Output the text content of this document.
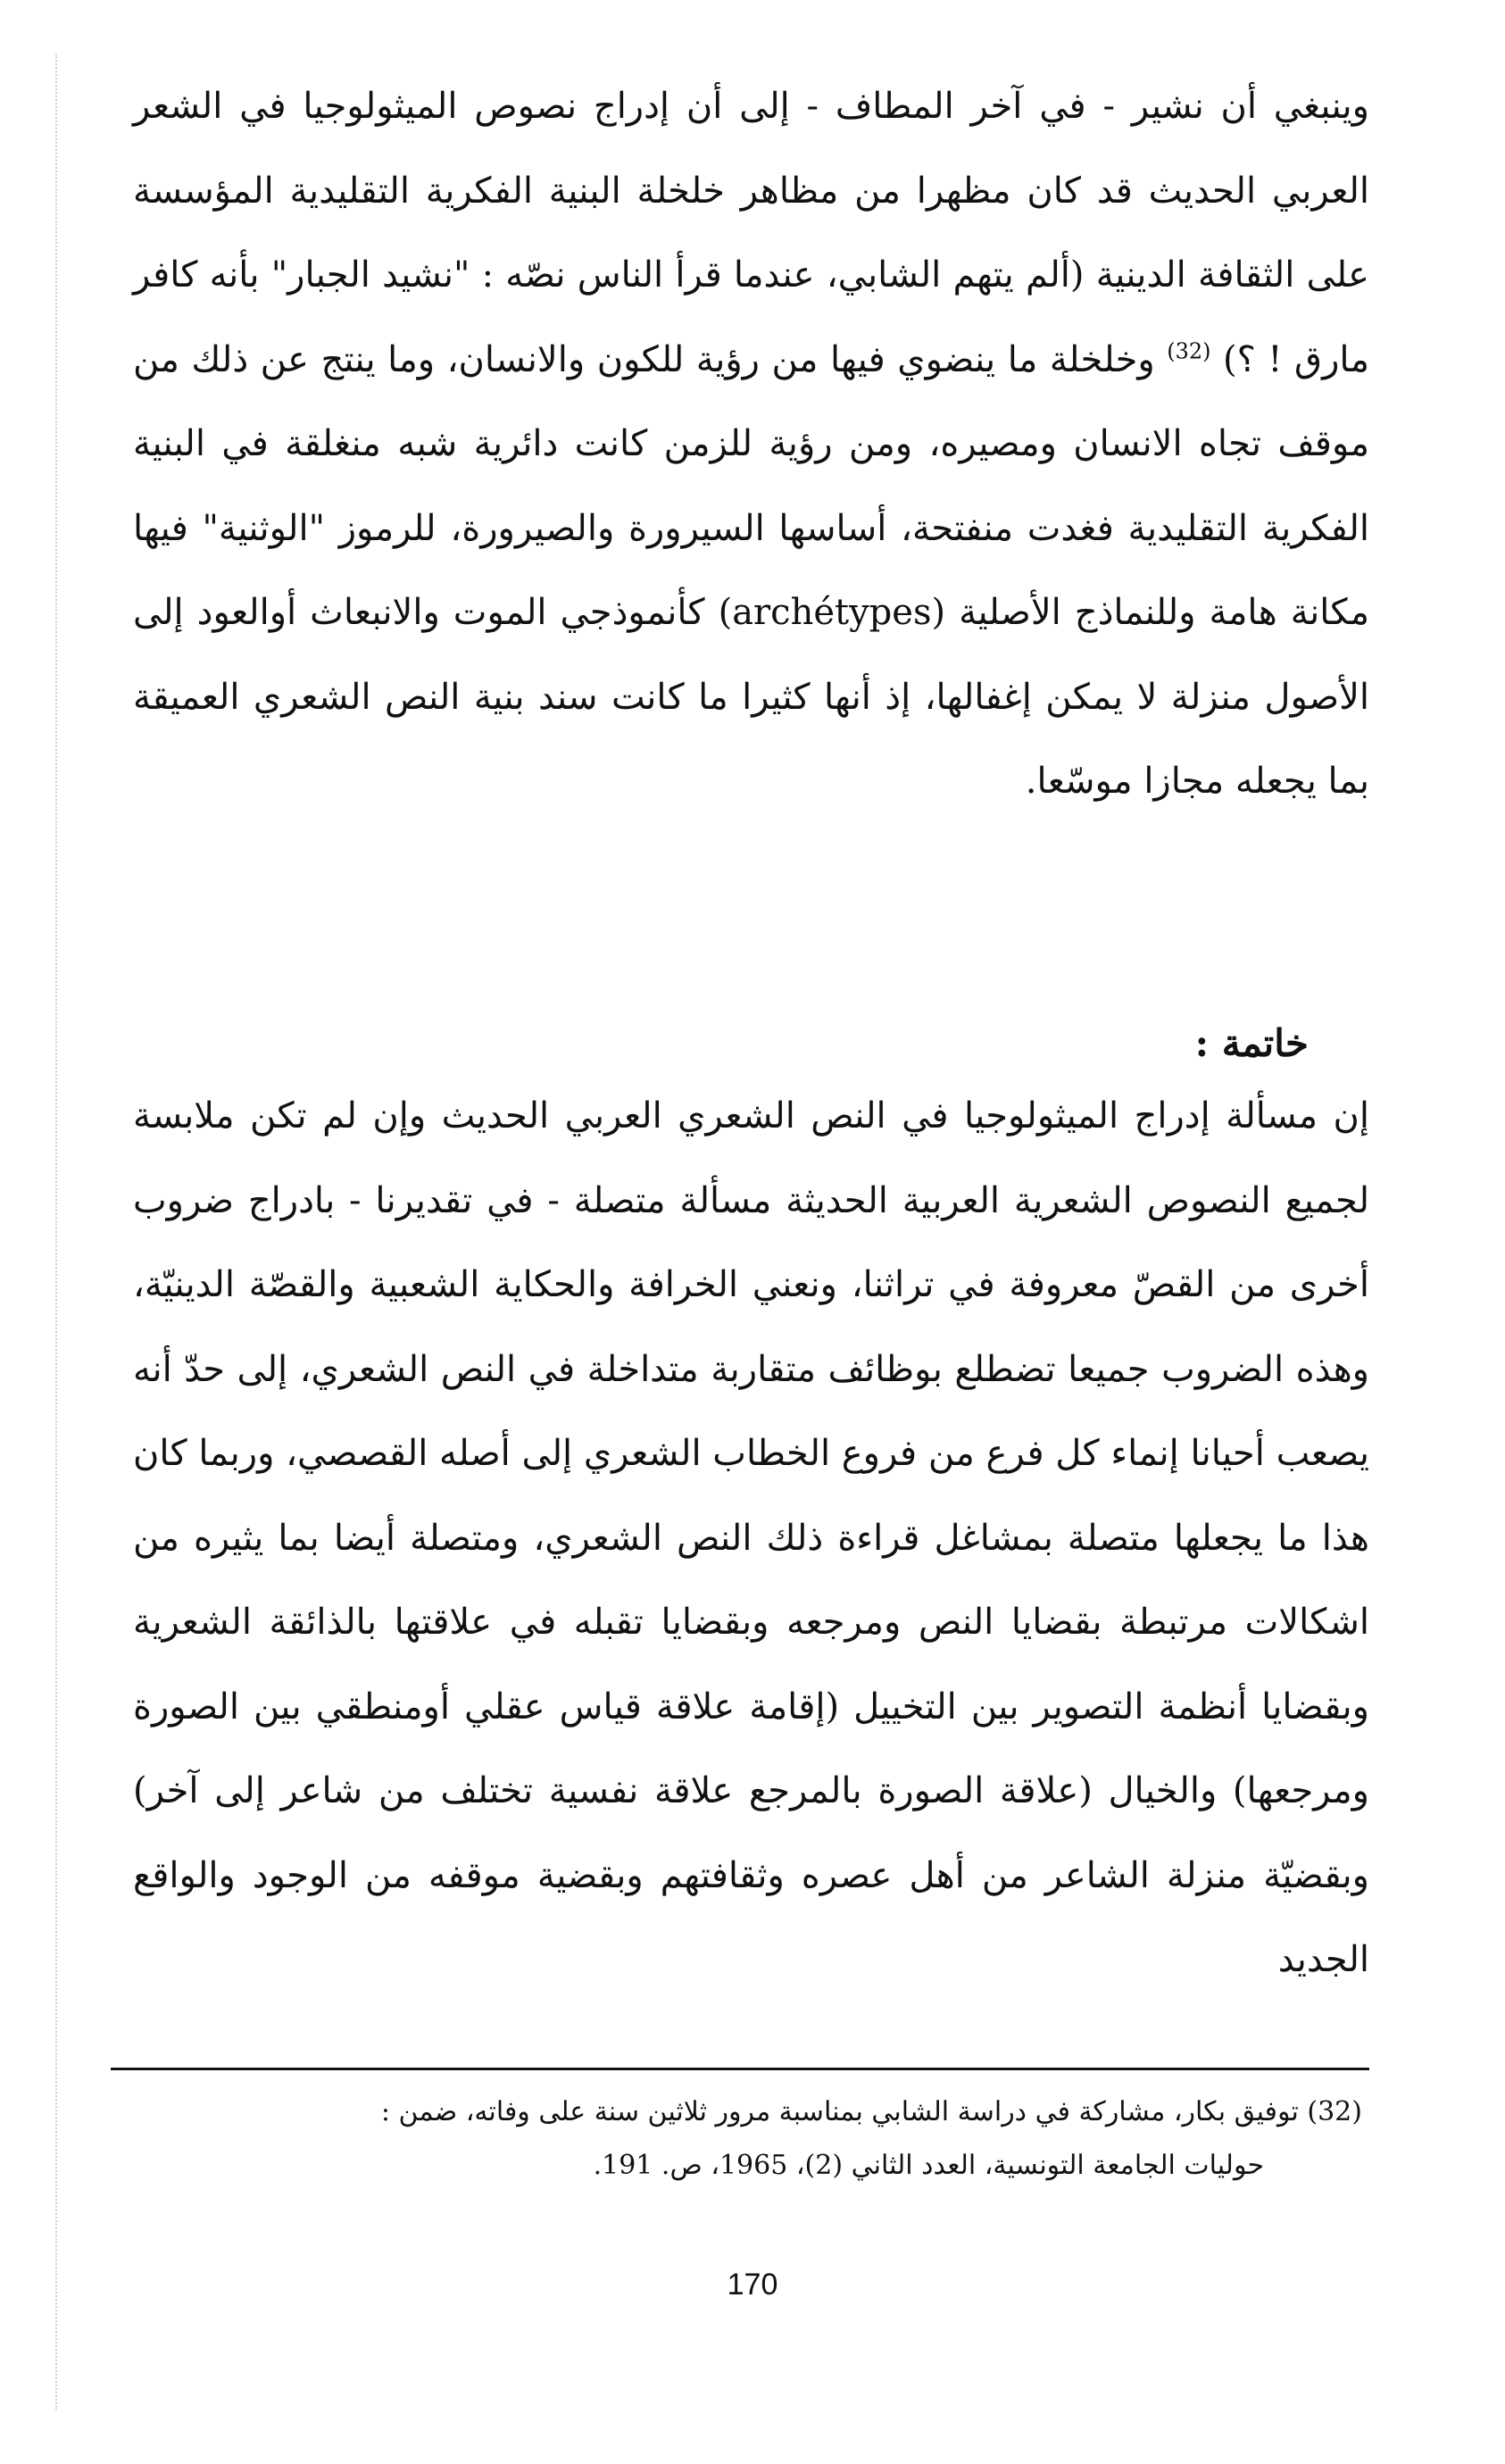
وينبغي أن نشير - في آخر المطاف - إلى أن إدراج نصوص الميثولوجيا في الشعر العربي الحديث قد كان مظهرا من مظاهر خلخلة البنية الفكرية التقليدية المؤسسة على الثقافة الدينية (ألم يتهم الشابي، عندما قرأ الناس نصّه : "نشيد الجبار" بأنه كافر مارق ! ؟) $^{(32)}$ وخلخلة ما ينضوي فيها من رؤية للكون والانسان، وما ينتج عن ذلك من موقف تجاه الانسان ومصيره، ومن رؤية للزمن كانت دائرية شبه منغلقة في البنية الفكرية التقليدية فغدت منفتحة، أساسها السيرورة والصيرورة، للرموز "الوثنية" فيها مكانة هامة وللنماذج الأصلية (archétypes) كأنموذجي الموت والانبعاث أوالعود إلى الأصول منزلة لا يمكن إغفالها، إذ أنها كثيرا ما كانت سند بنية النص الشعري العميقة بما يجعله مجازا موسّعا.

خاتمة :

إن مسألة إدراج الميثولوجيا في النص الشعري العربي الحديث وإن لم تكن ملابسة لجميع النصوص الشعرية العربية الحديثة مسألة متصلة - في تقديرنا - بادراج ضروب أخرى من القصّ معروفة في تراثنا، ونعني الخرافة والحكاية الشعبية والقصّة الدينيّة، وهذه الضروب جميعا تضطلع بوظائف متقاربة متداخلة في النص الشعري، إلى حدّ أنه يصعب أحيانا إنماء كل فرع من فروع الخطاب الشعري إلى أصله القصصي، وربما كان هذا ما يجعلها متصلة بمشاغل قراءة ذلك النص الشعري، ومتصلة أيضا بما يثيره من اشكالات مرتبطة بقضايا النص ومرجعه وبقضايا تقبله في علاقتها بالذائقة الشعرية وبقضايا أنظمة التصوير بين التخييل (إقامة علاقة قياس عقلي أومنطقي بين الصورة ومرجعها) والخيال (علاقة الصورة بالمرجع علاقة نفسية تختلف من شاعر إلى آخر) وبقضيّة منزلة الشاعر من أهل عصره وثقافتهم وبقضية موقفه من الوجود والواقع الجديد

(32) توفيق بكار، مشاركة في دراسة الشابي بمناسبة مرور ثلاثين سنة على وفاته، ضمن :
حوليات الجامعة التونسية، العدد الثاني (2)، 1965، ص. 191.
170
